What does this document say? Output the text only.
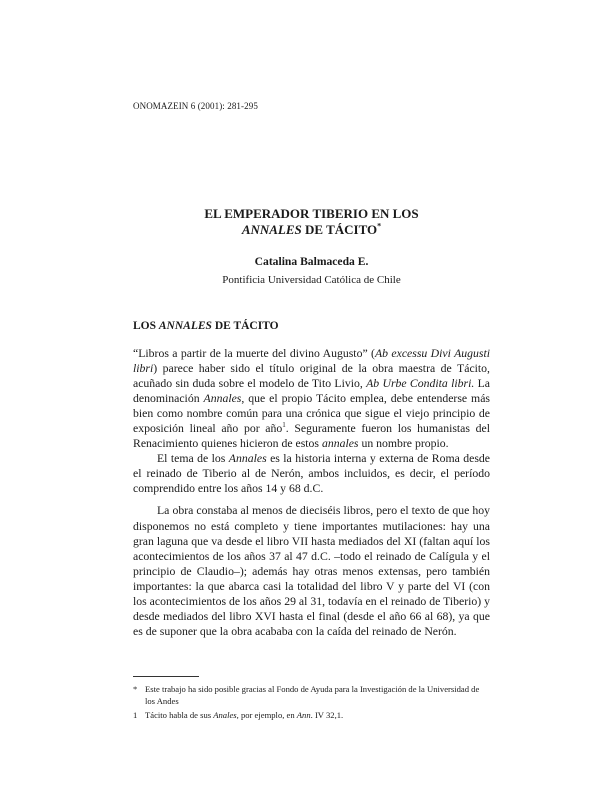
ONOMAZEIN 6 (2001): 281-295
EL EMPERADOR TIBERIO EN LOS
ANNALES DE TÁCITO*
Catalina Balmaceda E.
Pontificia Universidad Católica de Chile
LOS ANNALES DE TÁCITO

“Libros a partir de la muerte del divino Augusto” (Ab excessu Divi Augusti libri) parece haber sido el título original de la obra maestra de Tácito, acuñado sin duda sobre el modelo de Tito Livio, Ab Urbe Condita libri. La denominación Annales, que el propio Tácito emplea, debe entenderse más bien como nombre común para una crónica que sigue el viejo principio de exposición lineal año por año$^1$. Seguramente fueron los humanistas del Renacimiento quienes hicieron de estos annales un nombre propio.

El tema de los Annales es la historia interna y externa de Roma desde el reinado de Tiberio al de Nerón, ambos incluidos, es decir, el período comprendido entre los años 14 y 68 d.C.

La obra constaba al menos de dieciséis libros, pero el texto de que hoy disponemos no está completo y tiene importantes mutilaciones: hay una gran laguna que va desde el libro VII hasta mediados del XI (faltan aquí los acontecimientos de los años 37 al 47 d.C. –todo el reinado de Calígula y el principio de Claudio–); además hay otras menos extensas, pero también importantes: la que abarca casi la totalidad del libro V y parte del VI (con los acontecimientos de los años 29 al 31, todavía en el reinado de Tiberio) y desde mediados del libro XVI hasta el final (desde el año 66 al 68), ya que es de suponer que la obra acababa con la caída del reinado de Nerón.

* Este trabajo ha sido posible gracias al Fondo de Ayuda para la Investigación de la Universidad de los Andes
1 Tácito habla de sus Anales, por ejemplo, en Ann. IV 32,1.
